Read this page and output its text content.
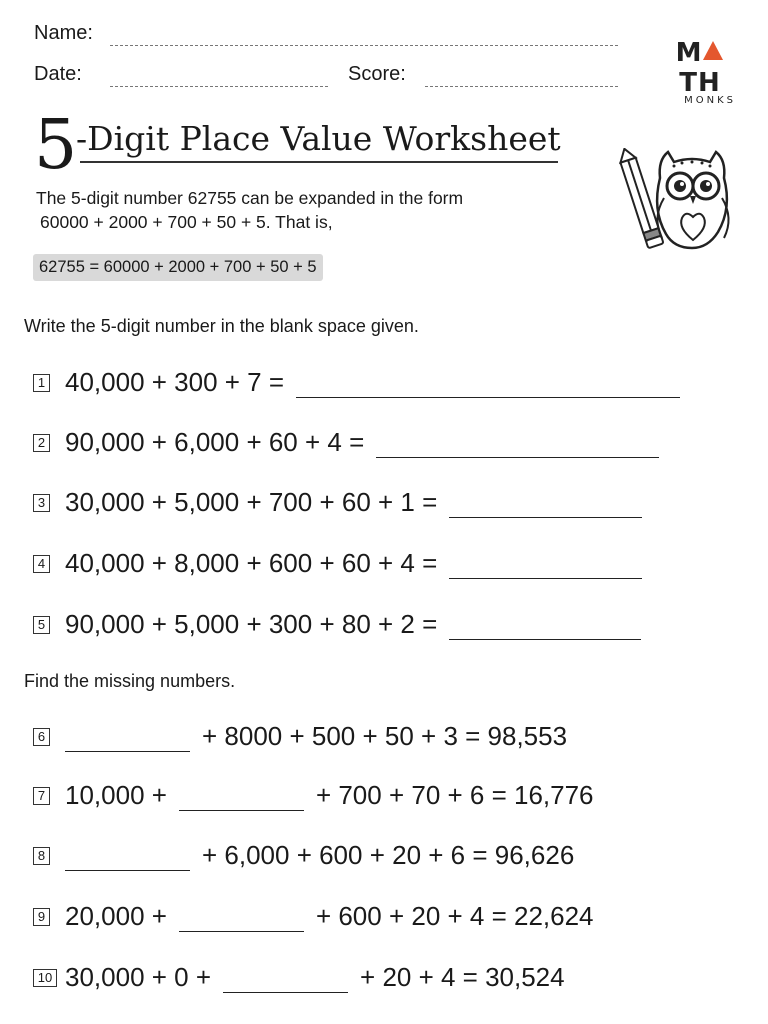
Name:
Date:	Score:
MTH
MONKS
5
-Digit Place Value Worksheet
The 5-digit number 62755 can be expanded in the form
60000 + 2000 + 700 + 50 + 5. That is,
62755 = 60000 + 2000 + 700 + 50 + 5
Write the 5-digit number in the blank space given.
1 40,000 + 300 + 7 =
2 90,000 + 6,000 + 60 + 4 =
3 30,000 + 5,000 + 700 + 60 + 1 =
4 40,000 + 8,000 + 600 + 60 + 4 =
5 90,000 + 5,000 + 300 + 80 + 2 =
Find the missing numbers.
6	+ 8000 + 500 + 50 + 3 = 98,553
7 10,000 +	+ 700 + 70 + 6 = 16,776
8	+ 6,000 + 600 + 20 + 6 = 96,626
9 20,000 +	+ 600 + 20 + 4 = 22,624
10 30,000 + 0 +	+ 20 + 4 = 30,524
